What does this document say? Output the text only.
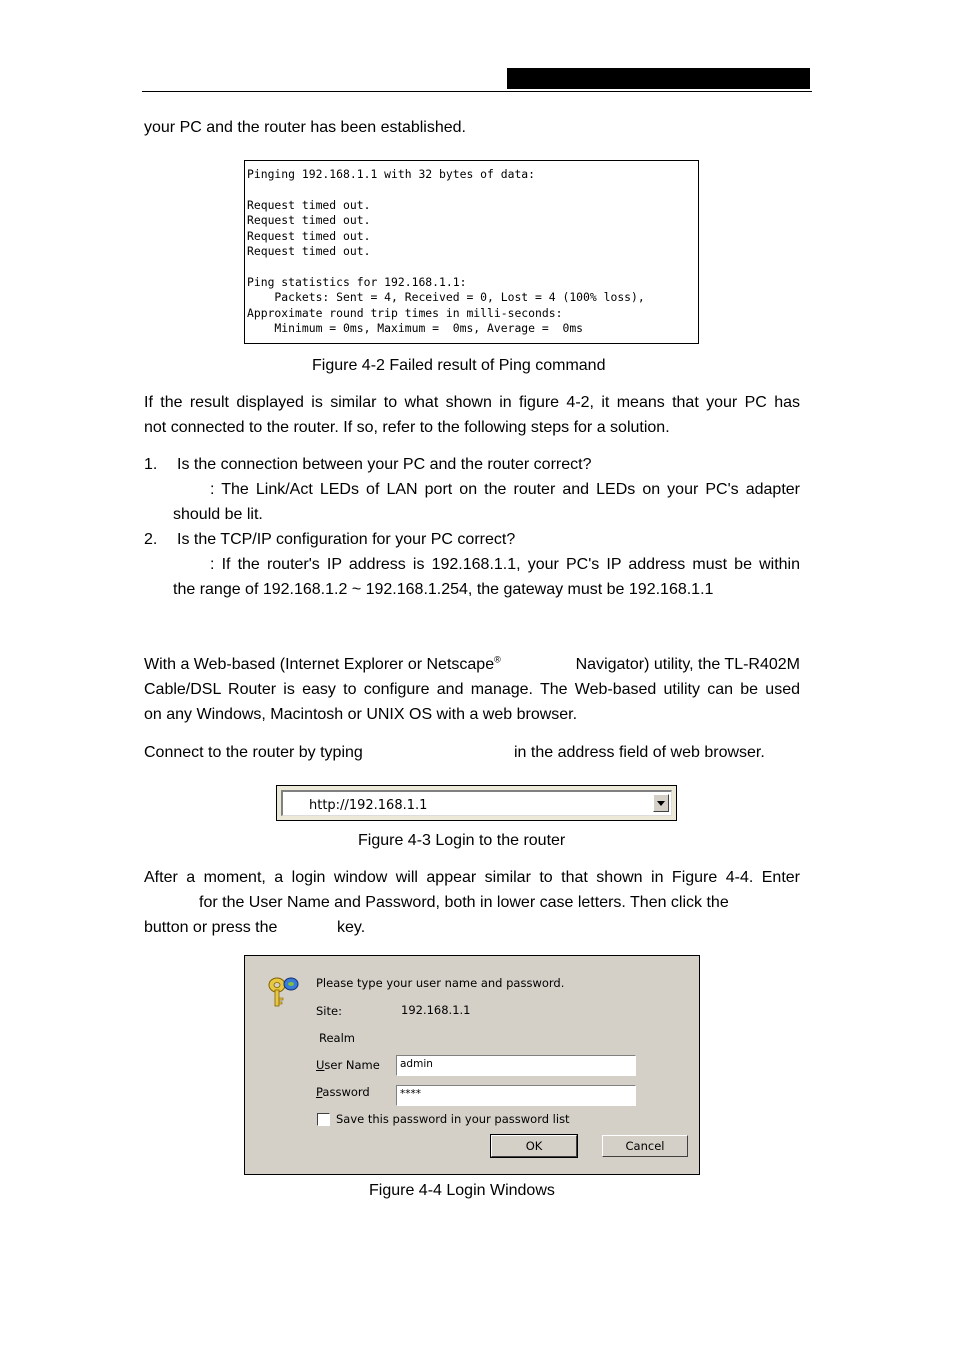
your PC and the router has been established.
Pinging 192.168.1.1 with 32 bytes of data:
Request timed out.
Request timed out.
Request timed out.
Request timed out.
Ping statistics for 192.168.1.1:
Packets: Sent = 4, Received = 0, Lost = 4 (100% loss),
Approximate round trip times in milli-seconds:
Minimum = 0ms, Maximum =  0ms, Average =  0ms
Figure 4-2 Failed result of Ping command
If the result displayed is similar to what shown in figure 4-2, it means that your PC has
not connected to the router. If so, refer to the following steps for a solution.
1. Is the connection between your PC and the router correct?
: The Link/Act LEDs of LAN port on the router and LEDs on your PC's adapter
should be lit.
2. Is the TCP/IP configuration for your PC correct?
: If the router's IP address is 192.168.1.1, your PC's IP address must be within
the range of 192.168.1.2 ~ 192.168.1.254, the gateway must be 192.168.1.1
With a Web-based (Internet Explorer or Netscape®	Navigator) utility, the TL-R402M
Cable/DSL Router is easy to configure and manage. The Web-based utility can be used
on any Windows, Macintosh or UNIX OS with a web browser.
Connect to the router by typing	in the address field of web browser.
http://192.168.1.1
Figure 4-3 Login to the router
After a moment, a login window will appear similar to that shown in Figure 4-4. Enter
for the User Name and Password, both in lower case letters. Then click the
button or press the	key.
Please type your user name and password.
Site:	192.168.1.1
Realm
User Name	admin
Password	****
Save this password in your password list
OK	Cancel
Figure 4-4 Login Windows
